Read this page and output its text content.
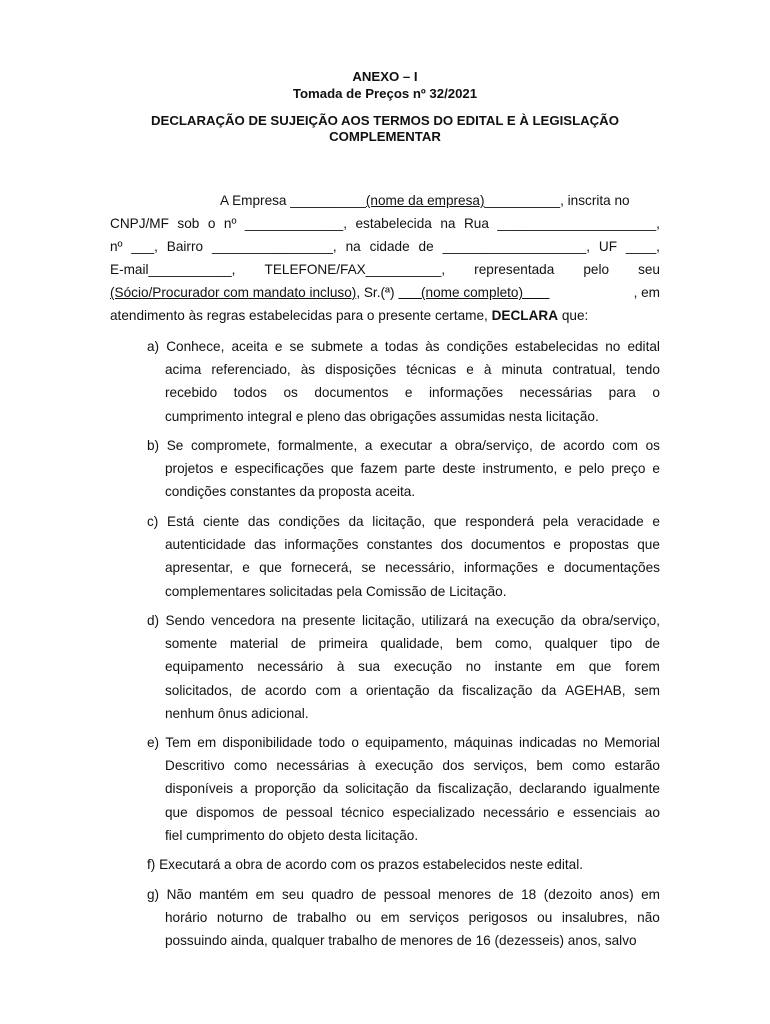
ANEXO – I
Tomada de Preços nº 32/2021
DECLARAÇÃO DE SUJEIÇÃO AOS TERMOS DO EDITAL E À LEGISLAÇÃO
COMPLEMENTAR
A Empresa __________(nome da empresa)__________, inscrita no
CNPJ/MF sob o nº _____________, estabelecida na Rua _____________________,
nº ___, Bairro ________________, na cidade de ___________________, UF ____,
E-mail___________, TELEFONE/FAX__________, representada pelo seu
(Sócio/Procurador com mandato incluso), Sr.(ª)       (nome completo)	, em
atendimento às regras estabelecidas para o presente certame, DECLARA que:
a) Conhece, aceita e se submete a todas às condições estabelecidas no edital
acima referenciado, às disposições técnicas e à minuta contratual, tendo
recebido todos os documentos e informações necessárias para o
cumprimento integral e pleno das obrigações assumidas nesta licitação.
b) Se compromete, formalmente, a executar a obra/serviço, de acordo com os
projetos e especificações que fazem parte deste instrumento, e pelo preço e
condições constantes da proposta aceita.
c) Está ciente das condições da licitação, que responderá pela veracidade e
autenticidade das informações constantes dos documentos e propostas que
apresentar, e que fornecerá, se necessário, informações e documentações
complementares solicitadas pela Comissão de Licitação.
d) Sendo vencedora na presente licitação, utilizará na execução da obra/serviço,
somente material de primeira qualidade, bem como, qualquer tipo de
equipamento necessário à sua execução no instante em que forem
solicitados, de acordo com a orientação da fiscalização da AGEHAB, sem
nenhum ônus adicional.
e) Tem em disponibilidade todo o equipamento, máquinas indicadas no Memorial
Descritivo como necessárias à execução dos serviços, bem como estarão
disponíveis a proporção da solicitação da fiscalização, declarando igualmente
que dispomos de pessoal técnico especializado necessário e essenciais ao
fiel cumprimento do objeto desta licitação.
f) Executará a obra de acordo com os prazos estabelecidos neste edital.
g) Não mantém em seu quadro de pessoal menores de 18 (dezoito anos) em
horário noturno de trabalho ou em serviços perigosos ou insalubres, não
possuindo ainda, qualquer trabalho de menores de 16 (dezesseis) anos, salvo
